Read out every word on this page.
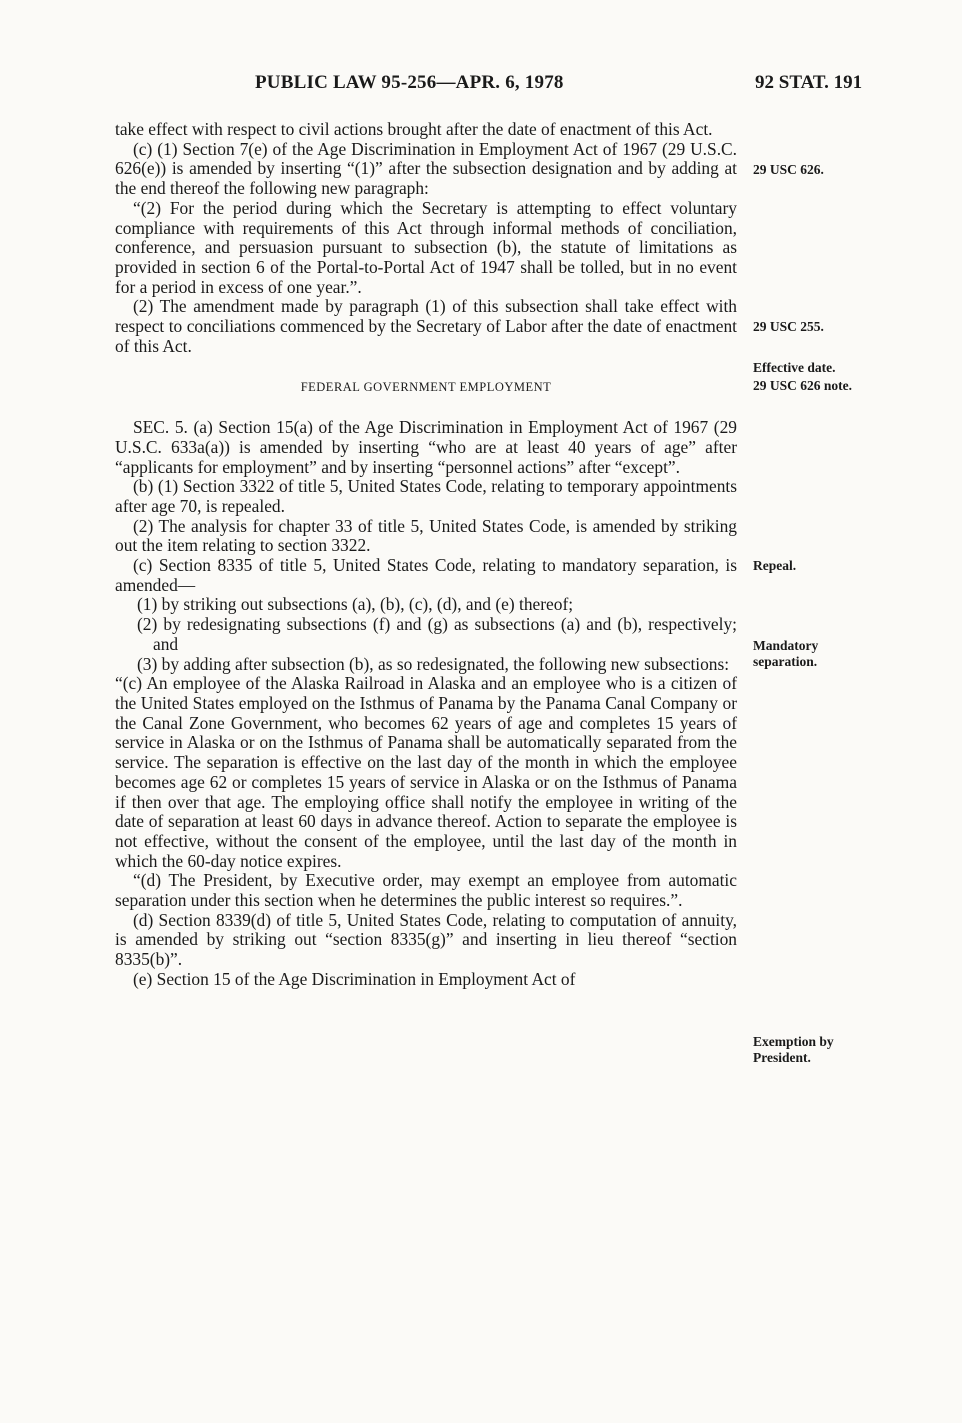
PUBLIC LAW 95-256—APR. 6, 1978	92 STAT. 191

take effect with respect to civil actions brought after the date of enactment of this Act.

(c) (1) Section 7(e) of the Age Discrimination in Employment Act of 1967 (29 U.S.C. 626(e)) is amended by inserting “(1)” after the subsection designation and by adding at the end thereof the following new paragraph:

“(2) For the period during which the Secretary is attempting to effect voluntary compliance with requirements of this Act through informal methods of conciliation, conference, and persuasion pursuant to subsection (b), the statute of limitations as provided in section 6 of the Portal-to-Portal Act of 1947 shall be tolled, but in no event for a period in excess of one year.”.

(2) The amendment made by paragraph (1) of this subsection shall take effect with respect to conciliations commenced by the Secretary of Labor after the date of enactment of this Act.

FEDERAL GOVERNMENT EMPLOYMENT

SEC. 5. (a) Section 15(a) of the Age Discrimination in Employment Act of 1967 (29 U.S.C. 633a(a)) is amended by inserting “who are at least 40 years of age” after “applicants for employment” and by inserting “personnel actions” after “except”.

(b) (1) Section 3322 of title 5, United States Code, relating to temporary appointments after age 70, is repealed.

(2) The analysis for chapter 33 of title 5, United States Code, is amended by striking out the item relating to section 3322.

(c) Section 8335 of title 5, United States Code, relating to mandatory separation, is amended—

(1) by striking out subsections (a), (b), (c), (d), and (e) thereof;

(2) by redesignating subsections (f) and (g) as subsections (a) and (b), respectively; and

(3) by adding after subsection (b), as so redesignated, the following new subsections:

“(c) An employee of the Alaska Railroad in Alaska and an employee who is a citizen of the United States employed on the Isthmus of Panama by the Panama Canal Company or the Canal Zone Government, who becomes 62 years of age and completes 15 years of service in Alaska or on the Isthmus of Panama shall be automatically separated from the service. The separation is effective on the last day of the month in which the employee becomes age 62 or completes 15 years of service in Alaska or on the Isthmus of Panama if then over that age. The employing office shall notify the employee in writing of the date of separation at least 60 days in advance thereof. Action to separate the employee is not effective, without the consent of the employee, until the last day of the month in which the 60-day notice expires.

“(d) The President, by Executive order, may exempt an employee from automatic separation under this section when he determines the public interest so requires.”.

(d) Section 8339(d) of title 5, United States Code, relating to computation of annuity, is amended by striking out “section 8335(g)” and inserting in lieu thereof “section 8335(b)”.

(e) Section 15 of the Age Discrimination in Employment Act of

29 USC 626.
29 USC 255.
Effective date.
29 USC 626 note.
Repeal.
Mandatory separation.
Exemption by President.
